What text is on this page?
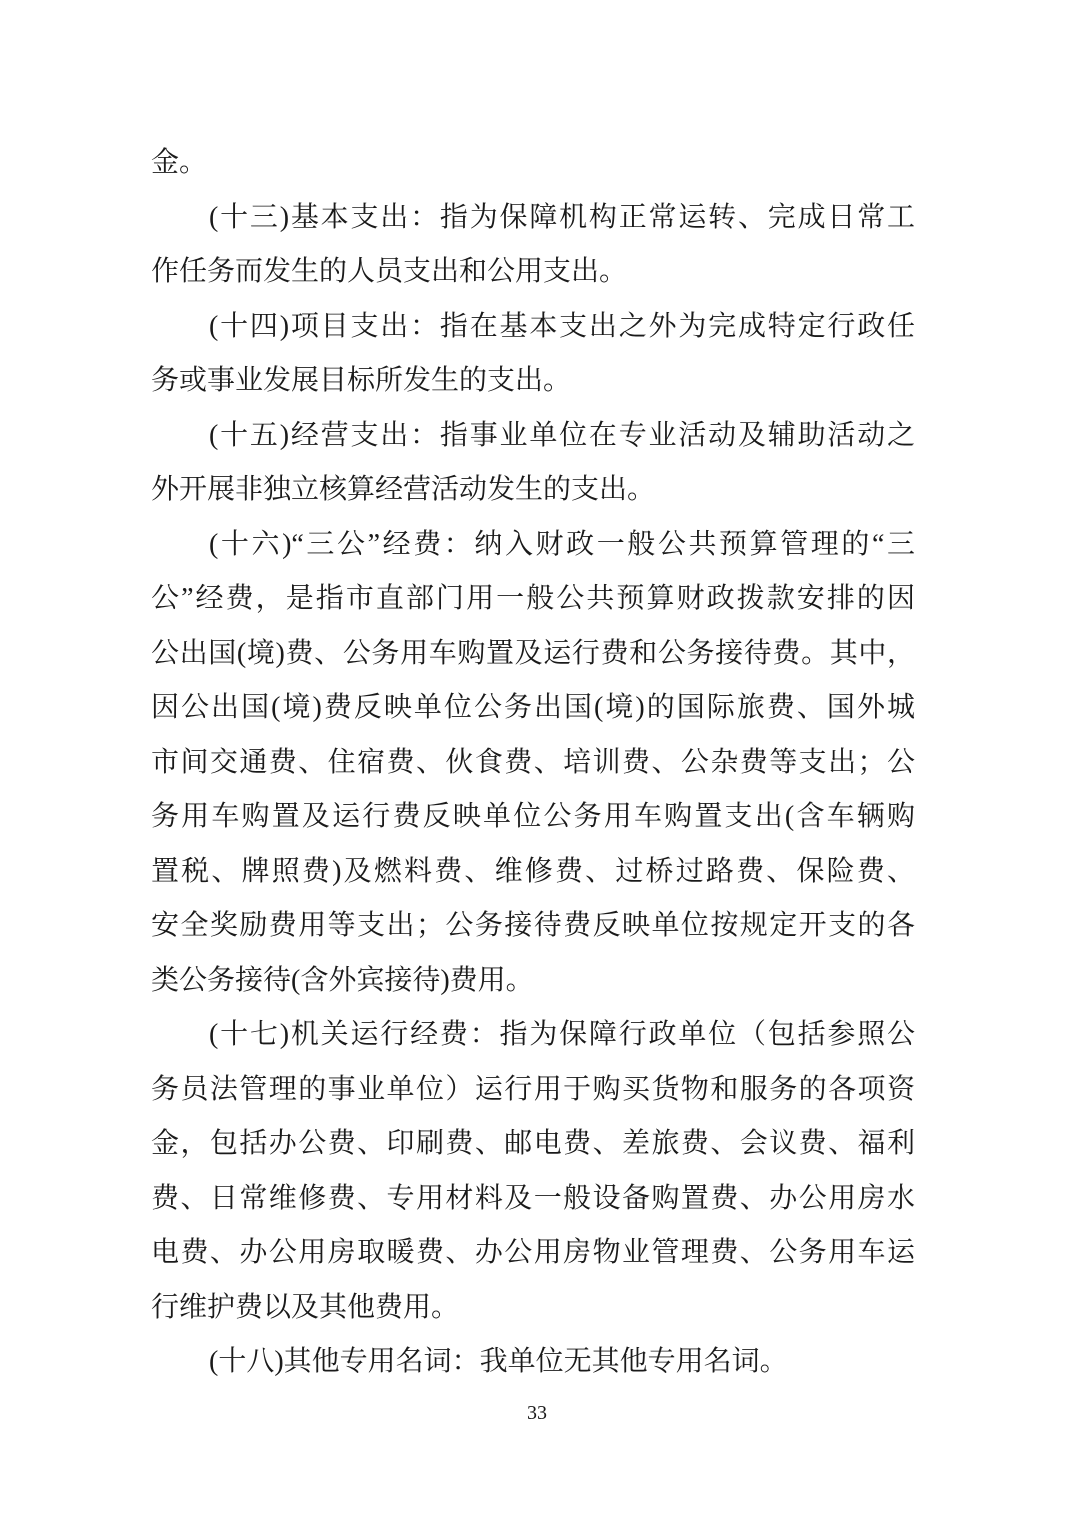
金。
(十三)基本支出：指为保障机构正常运转、完成日常工
作任务而发生的人员支出和公用支出。
(十四)项目支出：指在基本支出之外为完成特定行政任
务或事业发展目标所发生的支出。
(十五)经营支出：指事业单位在专业活动及辅助活动之
外开展非独立核算经营活动发生的支出。
(十六)“三公”经费：纳入财政一般公共预算管理的“三
公”经费，是指市直部门用一般公共预算财政拨款安排的因
公出国(境)费、公务用车购置及运行费和公务接待费。其中，
因公出国(境)费反映单位公务出国(境)的国际旅费、国外城
市间交通费、住宿费、伙食费、培训费、公杂费等支出；公
务用车购置及运行费反映单位公务用车购置支出(含车辆购
置税、牌照费)及燃料费、维修费、过桥过路费、保险费、
安全奖励费用等支出；公务接待费反映单位按规定开支的各
类公务接待(含外宾接待)费用。
(十七)机关运行经费：指为保障行政单位（包括参照公
务员法管理的事业单位）运行用于购买货物和服务的各项资
金，包括办公费、印刷费、邮电费、差旅费、会议费、福利
费、日常维修费、专用材料及一般设备购置费、办公用房水
电费、办公用房取暖费、办公用房物业管理费、公务用车运
行维护费以及其他费用。
(十八)其他专用名词：我单位无其他专用名词。
33
